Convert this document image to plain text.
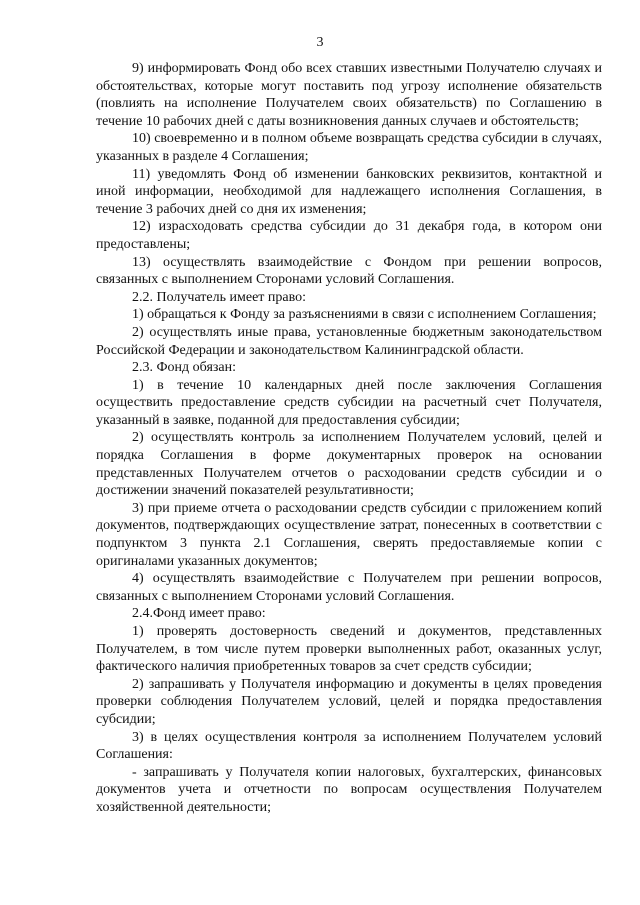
3

9) информировать Фонд обо всех ставших известными Получателю случаях и обстоятельствах, которые могут поставить под угрозу исполнение обязательств (повлиять на исполнение Получателем своих обязательств) по Соглашению в течение 10 рабочих дней с даты возникновения данных случаев и обстоятельств;

10) своевременно и в полном объеме возвращать средства субсидии в случаях, указанных в разделе 4 Соглашения;

11) уведомлять Фонд об изменении банковских реквизитов, контактной и иной информации, необходимой для надлежащего исполнения Соглашения, в течение 3 рабочих дней со дня их изменения;

12) израсходовать средства субсидии до 31 декабря года, в котором они предоставлены;

13) осуществлять взаимодействие с Фондом при решении вопросов, связанных с выполнением Сторонами условий Соглашения.

2.2. Получатель имеет право:

1) обращаться к Фонду за разъяснениями в связи с исполнением Соглашения;

2) осуществлять иные права, установленные бюджетным законодательством Российской Федерации и законодательством Калининградской области.

2.3. Фонд обязан:

1) в течение 10 календарных дней после заключения Соглашения осуществить предоставление средств субсидии на расчетный счет Получателя, указанный в заявке, поданной для предоставления субсидии;

2) осуществлять контроль за исполнением Получателем условий, целей и порядка Соглашения в форме документарных проверок на основании представленных Получателем отчетов о расходовании средств субсидии и о достижении значений показателей результативности;

3) при приеме отчета о расходовании средств субсидии с приложением копий документов, подтверждающих осуществление затрат, понесенных в соответствии с подпунктом 3 пункта 2.1 Соглашения, сверять предоставляемые копии с оригиналами указанных документов;

4) осуществлять взаимодействие с Получателем при решении вопросов, связанных с выполнением Сторонами условий Соглашения.

2.4.Фонд имеет право:

1) проверять достоверность сведений и документов, представленных Получателем, в том числе путем проверки выполненных работ, оказанных услуг, фактического наличия приобретенных товаров за счет средств субсидии;

2) запрашивать у Получателя информацию и документы в целях проведения проверки соблюдения Получателем условий, целей и порядка предоставления субсидии;

3) в целях осуществления контроля за исполнением Получателем условий Соглашения:

- запрашивать у Получателя копии налоговых, бухгалтерских, финансовых документов учета и отчетности по вопросам осуществления Получателем хозяйственной деятельности;
